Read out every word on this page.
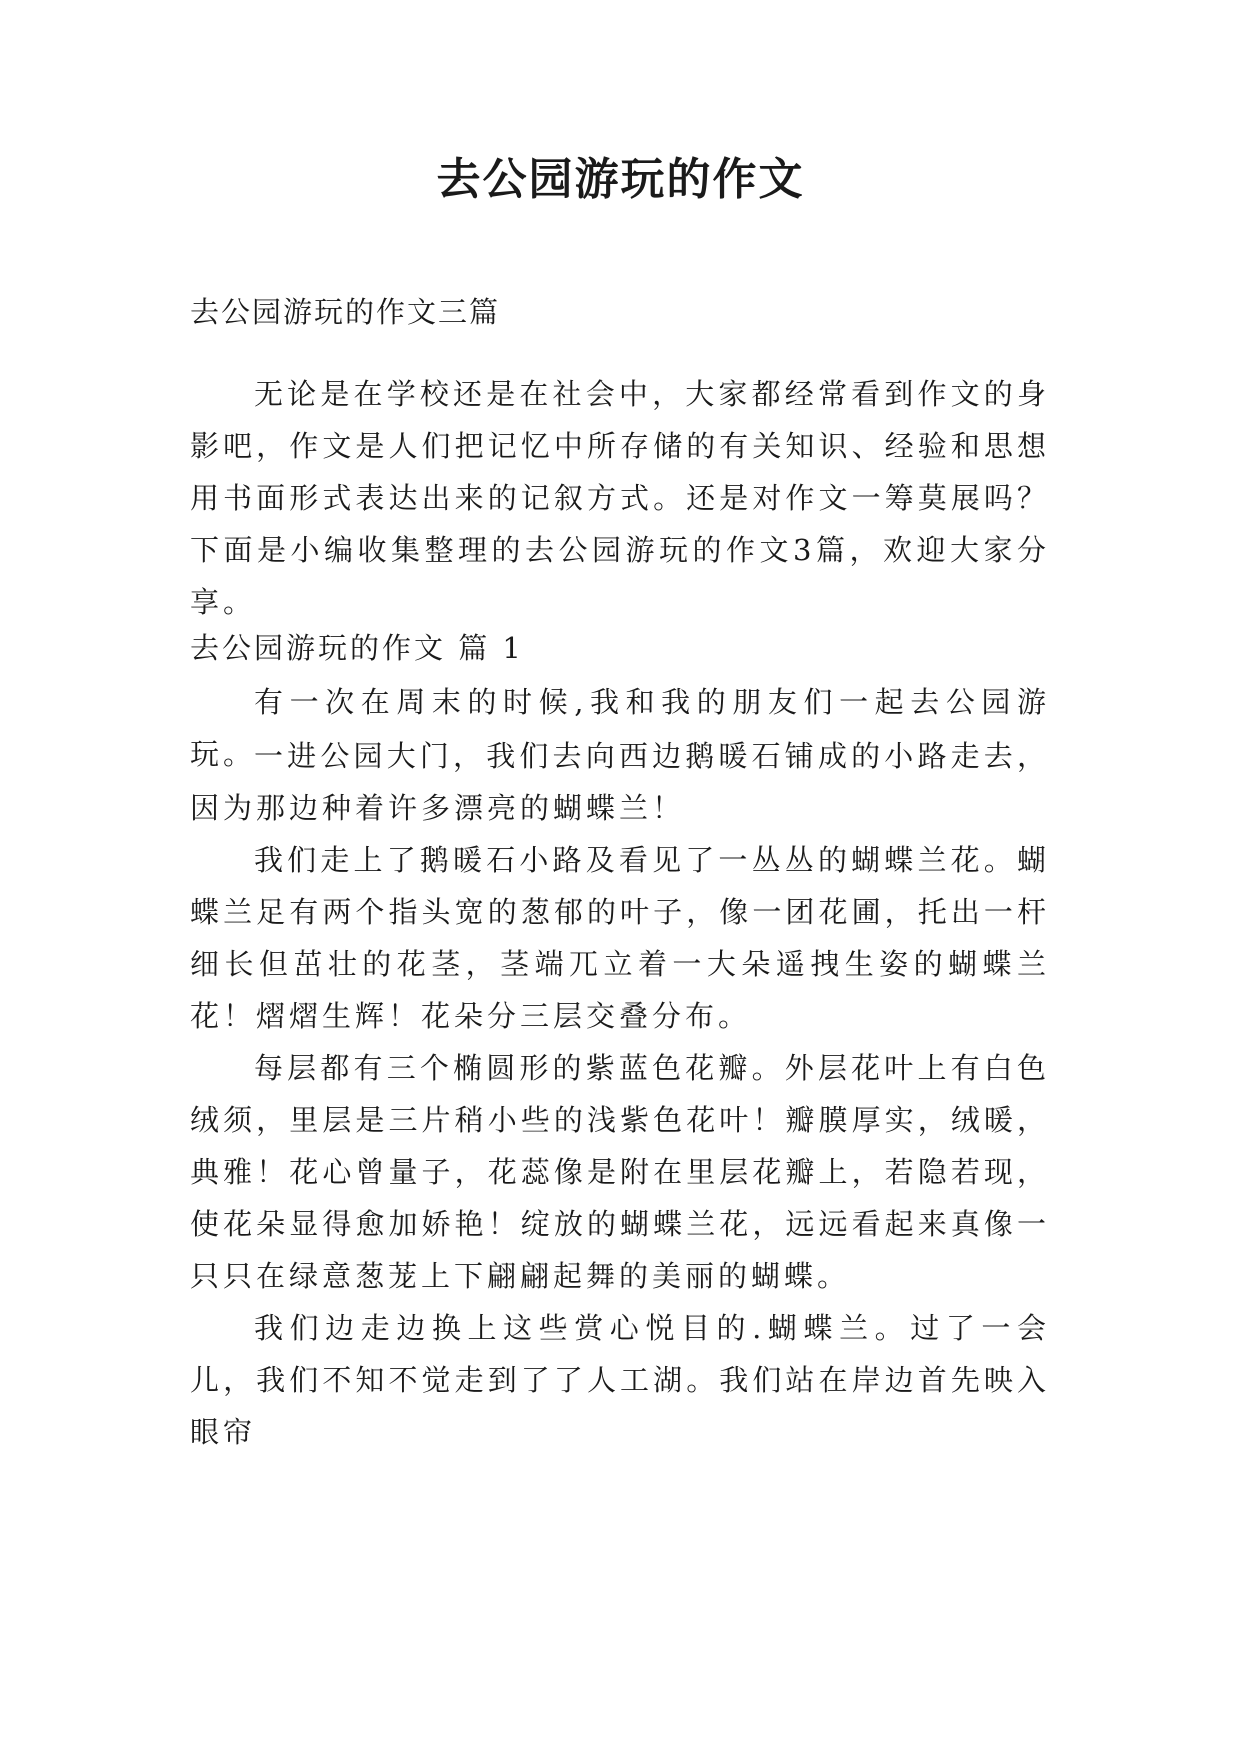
去公园游玩的作文
去公园游玩的作文三篇
无论是在学校还是在社会中，大家都经常看到作文的身影吧，作文是人们把记忆中所存储的有关知识、经验和思想用书面形式表达出来的记叙方式。还是对作文一筹莫展吗？下面是小编收集整理的去公园游玩的作文3篇，欢迎大家分享。
去公园游玩的作文 篇 1
有一次在周末的时候,我和我的朋友们一起去公园游玩。
一进公园大门，我们去向西边鹅暖石铺成的小路走去，因为那边种着许多漂亮的蝴蝶兰！
我们走上了鹅暖石小路及看见了一丛丛的蝴蝶兰花。蝴蝶兰足有两个指头宽的葱郁的叶子，像一团花圃，托出一杆细长但茁壮的花茎，茎端兀立着一大朵遥拽生姿的蝴蝶兰花！熠熠生辉！花朵分三层交叠分布。
每层都有三个椭圆形的紫蓝色花瓣。外层花叶上有白色绒须，里层是三片稍小些的浅紫色花叶！瓣膜厚实，绒暖，典雅！花心曾量子，花蕊像是附在里层花瓣上，若隐若现，使花朵显得愈加娇艳！绽放的蝴蝶兰花，远远看起来真像一只只在绿意葱茏上下翩翩起舞的美丽的蝴蝶。
我们边走边换上这些赏心悦目的.蝴蝶兰。过了一会儿，我们不知不觉走到了了人工湖。我们站在岸边首先映入眼帘
